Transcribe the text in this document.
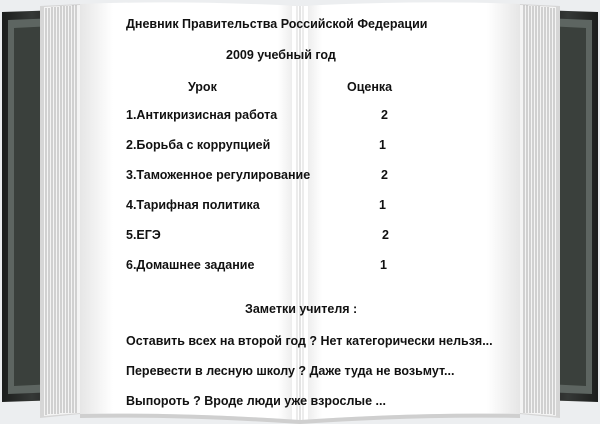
Дневник Правительства Российской Федерации
2009 учебный год
Урок	Оценка
1.Антикризисная работа	2
2.Борьба с коррупцией	1
3.Таможенное регулирование	2
4.Тарифная политика	1
5.ЕГЭ	2
6.Домашнее задание	1
Заметки учителя :
Оставить всех на второй год ? Нет категорически нельзя...
Перевести в лесную школу ? Даже туда не возьмут...
Выпороть ? Вроде люди уже взрослые ...
